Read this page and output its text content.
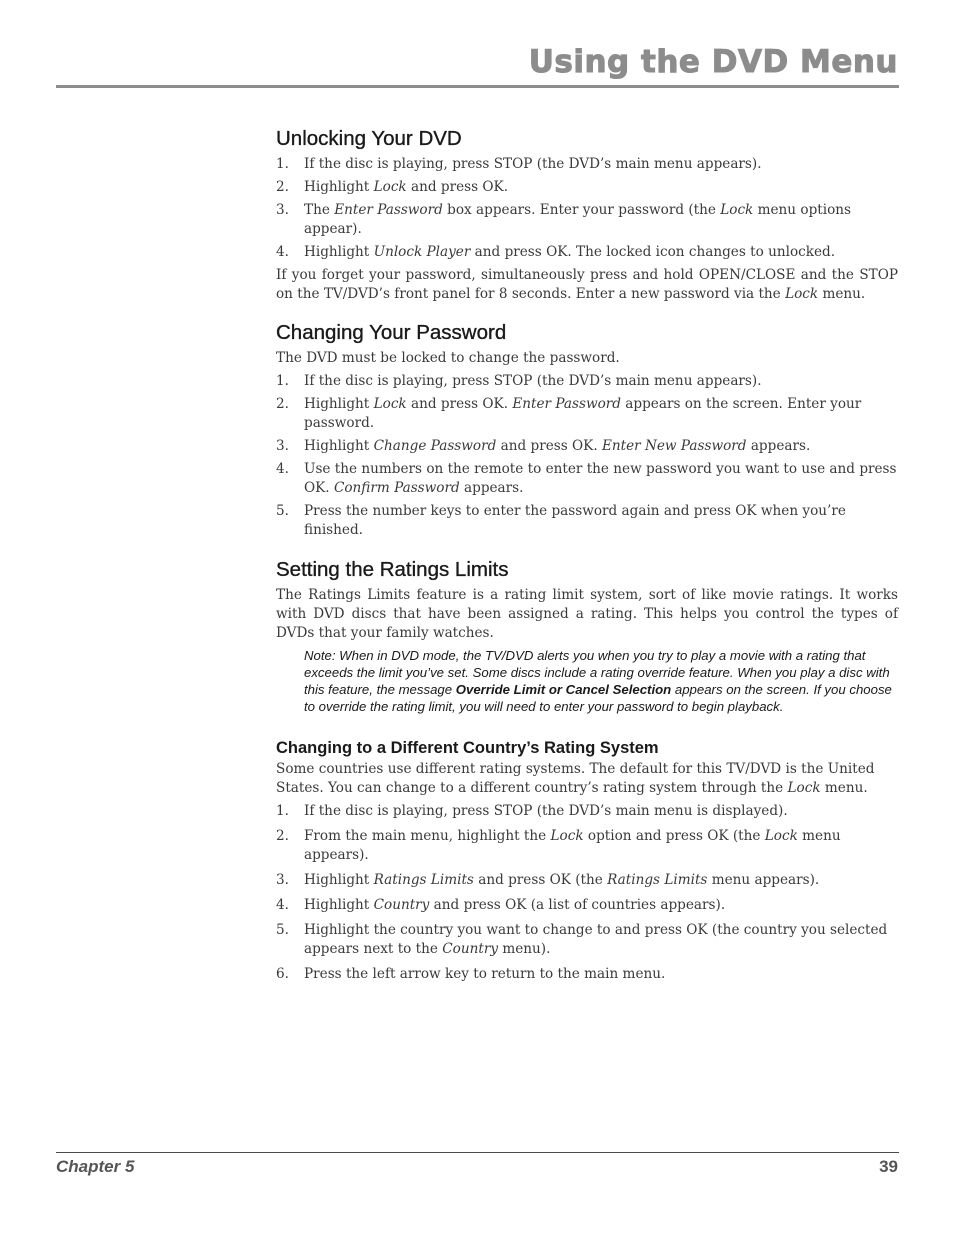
Using the DVD Menu
Unlocking Your DVD
1. If the disc is playing, press STOP (the DVD’s main menu appears).
2. Highlight Lock and press OK.
3. The Enter Password box appears. Enter your password (the Lock menu options appear).
4. Highlight Unlock Player and press OK. The locked icon changes to unlocked.

If you forget your password, simultaneously press and hold OPEN/CLOSE and the STOP on the TV/DVD’s front panel for 8 seconds. Enter a new password via the Lock menu.

Changing Your Password

The DVD must be locked to change the password.

1. If the disc is playing, press STOP (the DVD’s main menu appears).
2. Highlight Lock and press OK. Enter Password appears on the screen. Enter your password.
3. Highlight Change Password and press OK. Enter New Password appears.
4. Use the numbers on the remote to enter the new password you want to use and press OK. Confirm Password appears.
5. Press the number keys to enter the password again and press OK when you’re finished.
Setting the Ratings Limits

The Ratings Limits feature is a rating limit system, sort of like movie ratings. It works with DVD discs that have been assigned a rating. This helps you control the types of DVDs that your family watches.

Note: When in DVD mode, the TV/DVD alerts you when you try to play a movie with a rating that exceeds the limit you’ve set. Some discs include a rating override feature. When you play a disc with this feature, the message Override Limit or Cancel Selection appears on the screen. If you choose to override the rating limit, you will need to enter your password to begin playback.
Changing to a Different Country’s Rating System

Some countries use different rating systems. The default for this TV/DVD is the United States. You can change to a different country’s rating system through the Lock menu.

1. If the disc is playing, press STOP (the DVD’s main menu is displayed).
2. From the main menu, highlight the Lock option and press OK (the Lock menu appears).
3. Highlight Ratings Limits and press OK (the Ratings Limits menu appears).
4. Highlight Country and press OK (a list of countries appears).
5. Highlight the country you want to change to and press OK (the country you selected appears next to the Country menu).
6. Press the left arrow key to return to the main menu.
Chapter 5	39
